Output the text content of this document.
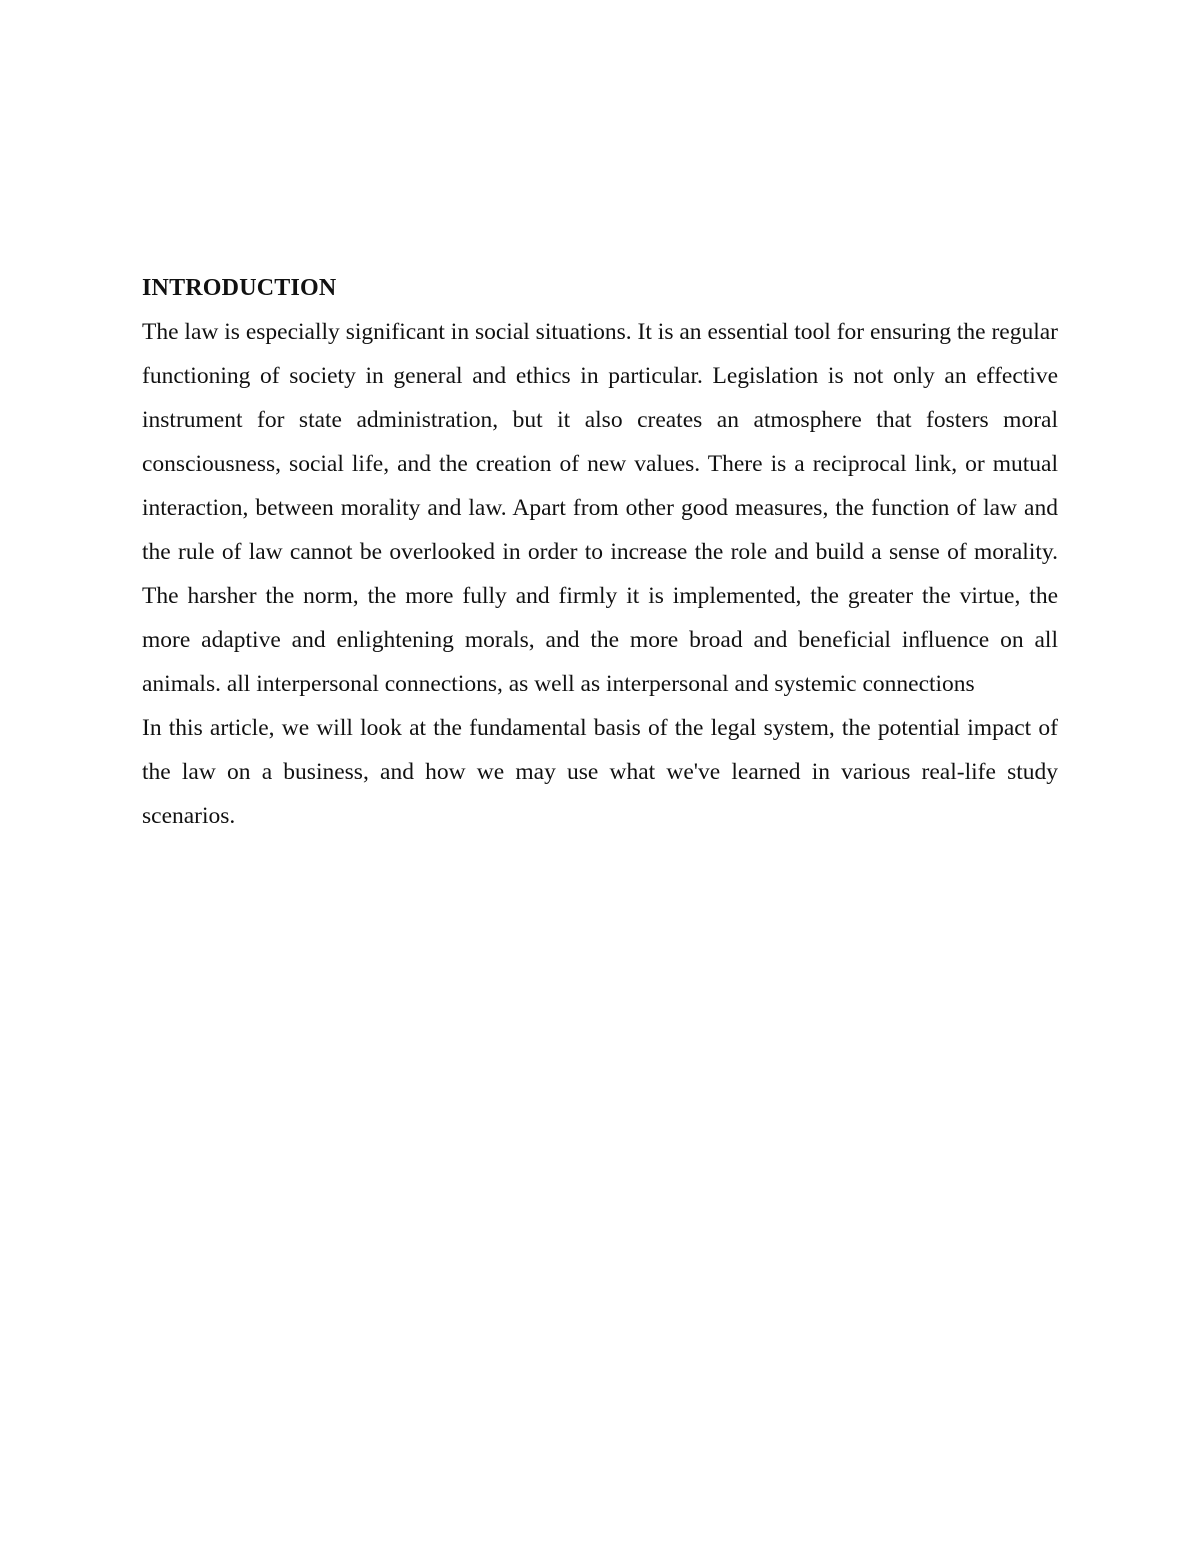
INTRODUCTION

The law is especially significant in social situations. It is an essential tool for ensuring the regular functioning of society in general and ethics in particular. Legislation is not only an effective instrument for state administration, but it also creates an atmosphere that fosters moral consciousness, social life, and the creation of new values. There is a reciprocal link, or mutual interaction, between morality and law. Apart from other good measures, the function of law and the rule of law cannot be overlooked in order to increase the role and build a sense of morality. The harsher the norm, the more fully and firmly it is implemented, the greater the virtue, the more adaptive and enlightening morals, and the more broad and beneficial influence on all animals. all interpersonal connections, as well as interpersonal and systemic connections

In this article, we will look at the fundamental basis of the legal system, the potential impact of the law on a business, and how we may use what we've learned in various real-life study scenarios.
